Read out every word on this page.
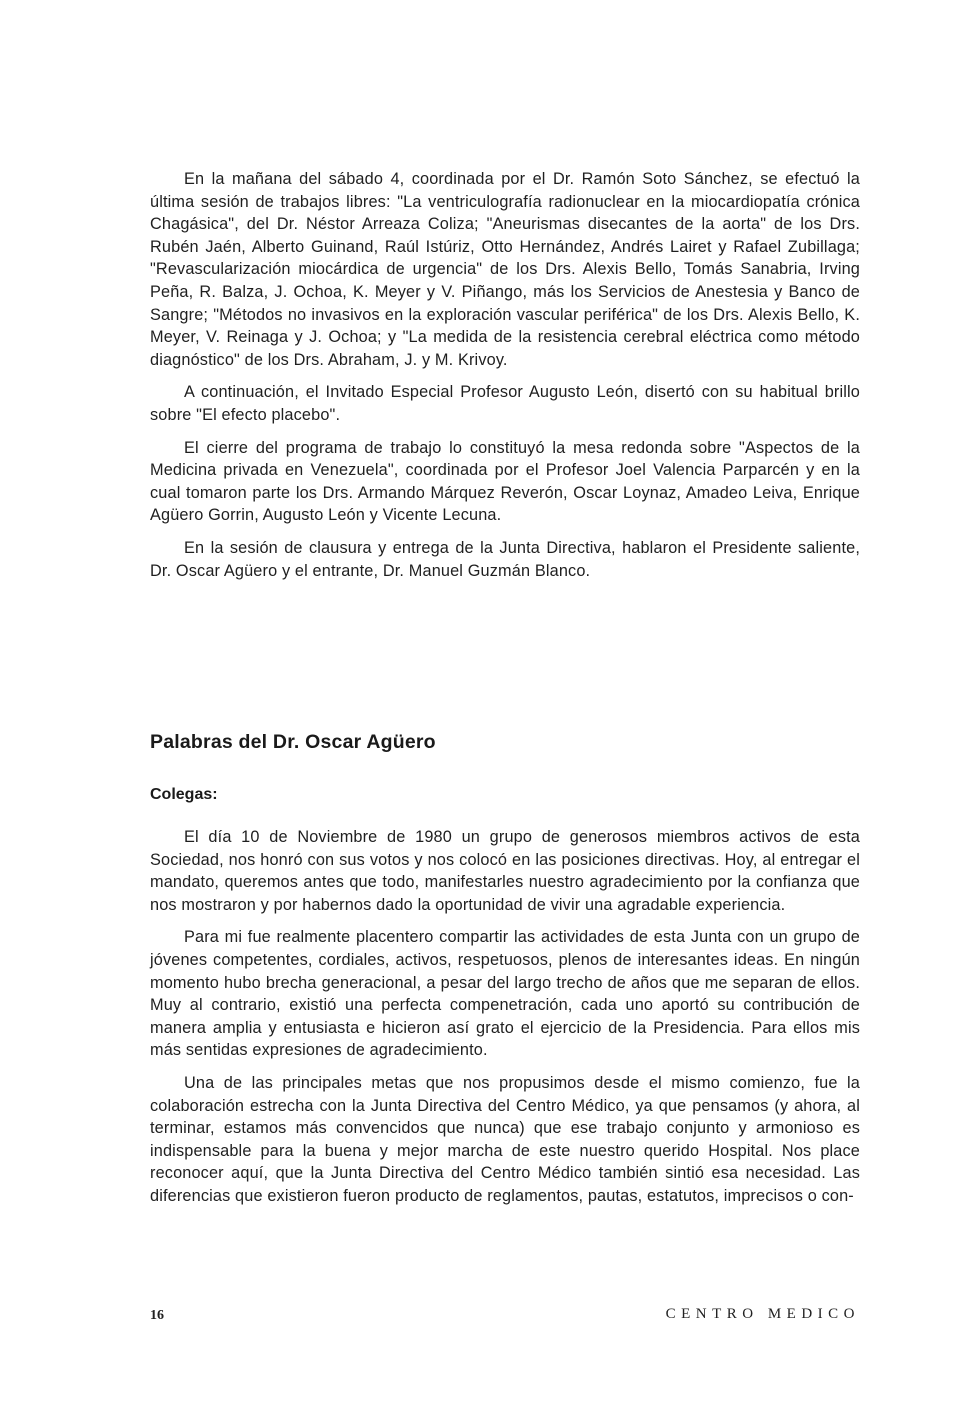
En la mañana del sábado 4, coordinada por el Dr. Ramón Soto Sánchez, se efectuó la última sesión de trabajos libres: "La ventriculografía radionuclear en la miocardiopatía crónica Chagásica", del Dr. Néstor Arreaza Coliza; "Aneurismas disecantes de la aorta" de los Drs. Rubén Jaén, Alberto Guinand, Raúl Istúriz, Otto Hernández, Andrés Lairet y Rafael Zubillaga; "Revascularización miocárdica de urgencia" de los Drs. Alexis Bello, Tomás Sanabria, Irving Peña, R. Balza, J. Ochoa, K. Meyer y V. Piñango, más los Servicios de Anestesia y Banco de Sangre; "Métodos no invasivos en la exploración vascular periférica" de los Drs. Alexis Bello, K. Meyer, V. Reinaga y J. Ochoa; y "La medida de la resistencia cerebral eléctrica como método diagnóstico" de los Drs. Abraham, J. y M. Krivoy.

A continuación, el Invitado Especial Profesor Augusto León, disertó con su habitual brillo sobre "El efecto placebo".

El cierre del programa de trabajo lo constituyó la mesa redonda sobre "Aspectos de la Medicina privada en Venezuela", coordinada por el Profesor Joel Valencia Parparcén y en la cual tomaron parte los Drs. Armando Márquez Reverón, Oscar Loynaz, Amadeo Leiva, Enrique Agüero Gorrin, Augusto León y Vicente Lecuna.

En la sesión de clausura y entrega de la Junta Directiva, hablaron el Presidente saliente, Dr. Oscar Agüero y el entrante, Dr. Manuel Guzmán Blanco.

Palabras del Dr. Oscar Agüero

Colegas:

El día 10 de Noviembre de 1980 un grupo de generosos miembros activos de esta Sociedad, nos honró con sus votos y nos colocó en las posiciones directivas. Hoy, al entregar el mandato, queremos antes que todo, manifestarles nuestro agradecimiento por la confianza que nos mostraron y por habernos dado la oportunidad de vivir una agradable experiencia.

Para mi fue realmente placentero compartir las actividades de esta Junta con un grupo de jóvenes competentes, cordiales, activos, respetuosos, plenos de interesantes ideas. En ningún momento hubo brecha generacional, a pesar del largo trecho de años que me separan de ellos. Muy al contrario, existió una perfecta compenetración, cada uno aportó su contribución de manera amplia y entusiasta e hicieron así grato el ejercicio de la Presidencia. Para ellos mis más sentidas expresiones de agradecimiento.

Una de las principales metas que nos propusimos desde el mismo comienzo, fue la colaboración estrecha con la Junta Directiva del Centro Médico, ya que pensamos (y ahora, al terminar, estamos más convencidos que nunca) que ese trabajo conjunto y armonioso es indispensable para la buena y mejor marcha de este nuestro querido Hospital. Nos place reconocer aquí, que la Junta Directiva del Centro Médico también sintió esa necesidad. Las diferencias que existieron fueron producto de reglamentos, pautas, estatutos, imprecisos o con-

16	CENTRO MEDICO
